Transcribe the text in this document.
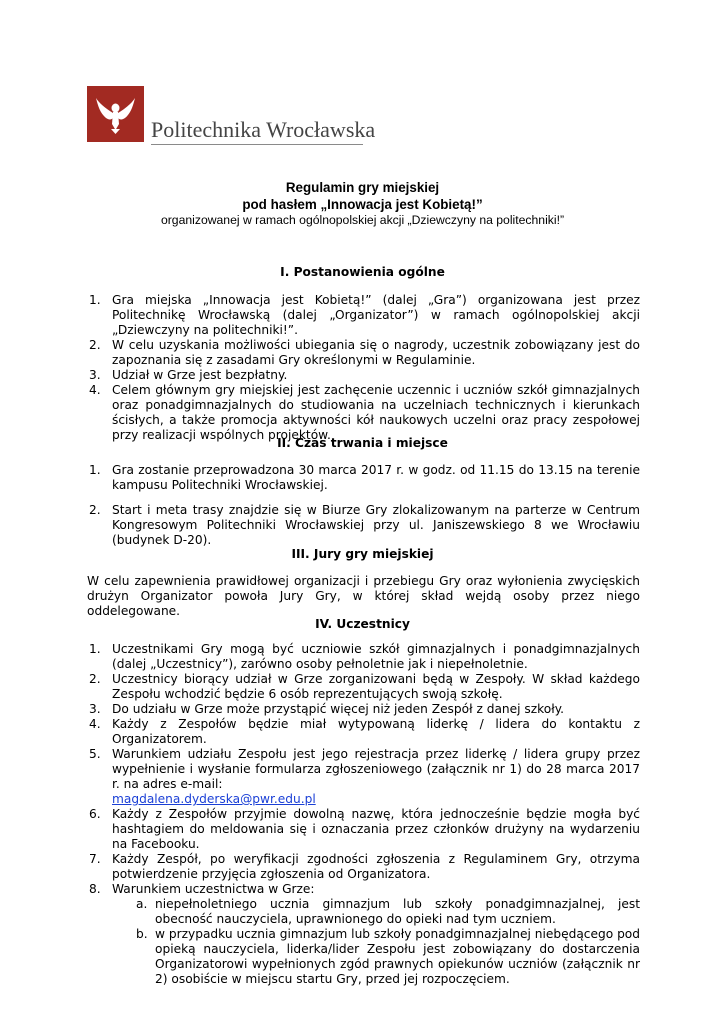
Politechnika Wrocławska
Regulamin gry miejskiej
pod hasłem „Innowacja jest Kobietą!”
organizowanej w ramach ogólnopolskiej akcji „Dziewczyny na politechniki!”
I. Postanowienia ogólne
1. Gra miejska „Innowacja jest Kobietą!” (dalej „Gra”) organizowana jest przez Politechnikę Wrocławską (dalej „Organizator”) w ramach ogólnopolskiej akcji „Dziewczyny na politechniki!”.
2. W celu uzyskania możliwości ubiegania się o nagrody, uczestnik zobowiązany jest do zapoznania się z zasadami Gry określonymi w Regulaminie.
3. Udział w Grze jest bezpłatny.
4. Celem głównym gry miejskiej jest zachęcenie uczennic i uczniów szkół gimnazjalnych oraz ponadgimnazjalnych do studiowania na uczelniach technicznych i kierunkach ścisłych, a także promocja aktywności kół naukowych uczelni oraz pracy zespołowej przy realizacji wspólnych projektów.
II. Czas trwania i miejsce
1. Gra zostanie przeprowadzona 30 marca 2017 r. w godz. od 11.15 do 13.15 na terenie kampusu Politechniki Wrocławskiej.
2. Start i meta trasy znajdzie się w Biurze Gry zlokalizowanym na parterze w Centrum Kongresowym Politechniki Wrocławskiej przy ul. Janiszewskiego 8 we Wrocławiu (budynek D-20).
III. Jury gry miejskiej

W celu zapewnienia prawidłowej organizacji i przebiegu Gry oraz wyłonienia zwycięskich drużyn Organizator powoła Jury Gry, w której skład wejdą osoby przez niego oddelegowane.

IV. Uczestnicy
1. Uczestnikami Gry mogą być uczniowie szkół gimnazjalnych i ponadgimnazjalnych (dalej „Uczestnicy”), zarówno osoby pełnoletnie jak i niepełnoletnie.
2. Uczestnicy biorący udział w Grze zorganizowani będą w Zespoły. W skład każdego Zespołu wchodzić będzie 6 osób reprezentujących swoją szkołę.
3. Do udziału w Grze może przystąpić więcej niż jeden Zespół z danej szkoły.
4. Każdy z Zespołów będzie miał wytypowaną liderkę / lidera do kontaktu z Organizatorem.
5. Warunkiem udziału Zespołu jest jego rejestracja przez liderkę / lidera grupy przez wypełnienie i wysłanie formularza zgłoszeniowego (załącznik nr 1) do 28 marca 2017 r. na adres e-mail:
magdalena.dyderska@pwr.edu.pl
6. Każdy z Zespołów przyjmie dowolną nazwę, która jednocześnie będzie mogła być hashtagiem do meldowania się i oznaczania przez członków drużyny na wydarzeniu na Facebooku.
7. Każdy Zespół, po weryfikacji zgodności zgłoszenia z Regulaminem Gry, otrzyma potwierdzenie przyjęcia zgłoszenia od Organizatora.
8. Warunkiem uczestnictwa w Grze:
a. niepełnoletniego ucznia gimnazjum lub szkoły ponadgimnazjalnej, jest obecność nauczyciela, uprawnionego do opieki nad tym uczniem.
b. w przypadku ucznia gimnazjum lub szkoły ponadgimnazjalnej niebędącego pod opieką nauczyciela, liderka/lider Zespołu jest zobowiązany do dostarczenia Organizatorowi wypełnionych zgód prawnych opiekunów uczniów (załącznik nr 2) osobiście w miejscu startu Gry, przed jej rozpoczęciem.
